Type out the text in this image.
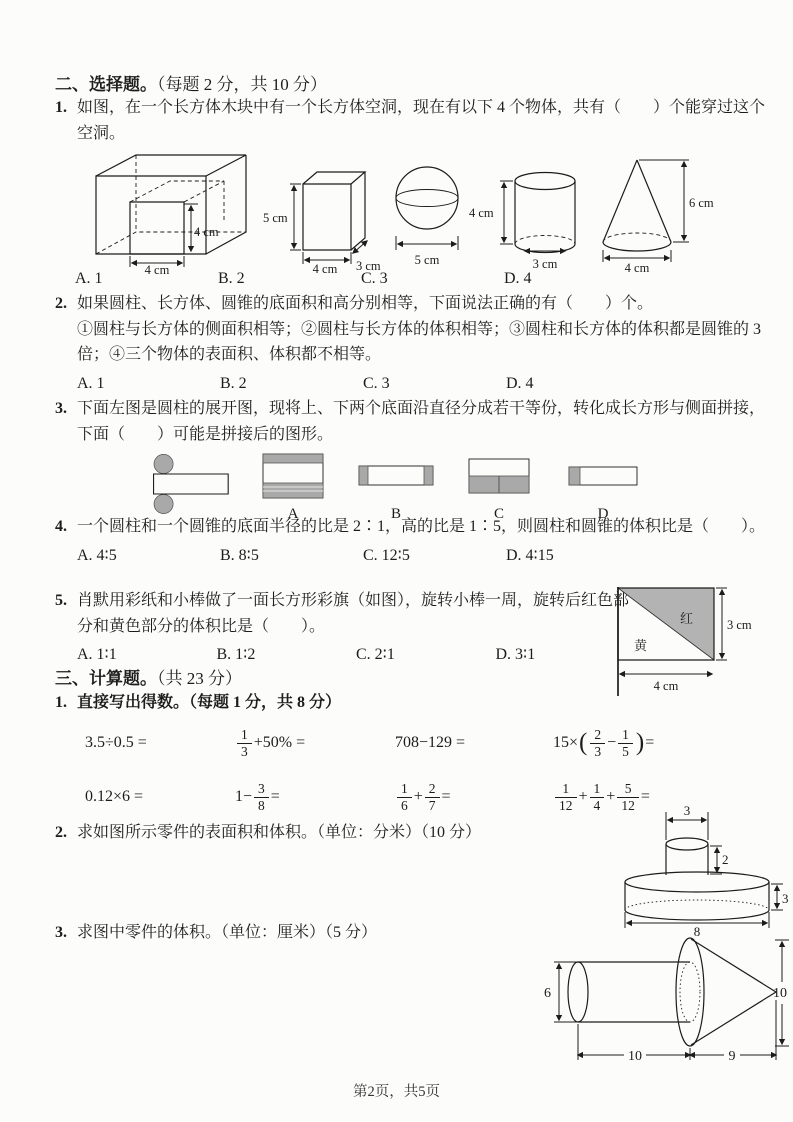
二、选择题。（每题 2 分，共 10 分）
1. 如图，在一个长方体木块中有一个长方体空洞，现在有以下 4 个物体，共有（　　）个能穿过这个空洞。
4 cm
4 cm
5 cm
4 cm 3 cm	5 cm
4 cm
3 cm
6 cm
4 cm
A. 1	B. 2	C. 3	D. 4
2. 如果圆柱、长方体、圆锥的底面积和高分别相等，下面说法正确的有（　　）个。
①圆柱与长方体的侧面积相等；②圆柱与长方体的体积相等；③圆柱和长方体的体积都是圆锥的 3 倍；④三个物体的表面积、体积都不相等。
A. 1	B. 2	C. 3	D. 4
3. 下面左图是圆柱的展开图，现将上、下两个底面沿直径分成若干等份，转化成长方形与侧面拼接，下面（　　）可能是拼接后的图形。
A	B	C	D
4. 一个圆柱和一个圆锥的底面半径的比是 2∶1，高的比是 1∶5，则圆柱和圆锥的体积比是（　　）。
A. 4∶5	B. 8∶5	C. 12∶5	D. 4∶15
5. 肖默用彩纸和小棒做了一面长方形彩旗（如图），旋转小棒一周，旋转后红色部分和黄色部分的体积比是（　　）。
A. 1∶1	B. 1∶2	C. 2∶1	D. 3∶1
红
黄
3 cm
4 cm
三、计算题。（共 23 分）
1. 直接写出得数。（每题 1 分，共 8 分）
3.5÷0.5 =	$\frac{1}{3} +50\%$ =	708−129 =	15× ( $\frac{2}{3} - \frac{1}{5}$ ) =
0.12×6 =	$1- \frac{3}{8}$ =	$\frac{1}{6} + \frac{2}{7}$ =	$\frac{1}{12} + \frac{1}{4} + \frac{5}{12}$ =
2. 求如图所示零件的表面积和体积。（单位：分米）（10 分）
3
2
3
8
3. 求图中零件的体积。（单位：厘米）（5 分）
6
10	9
10
第2页，共5页
